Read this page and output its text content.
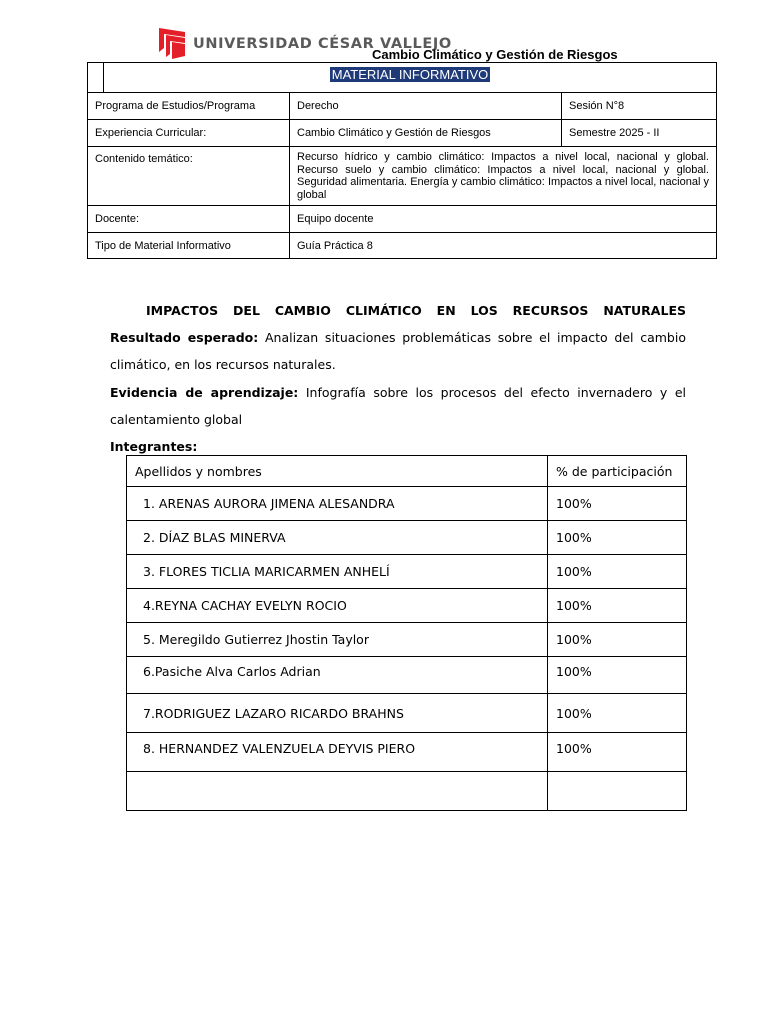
UNIVERSIDAD CÉSAR VALLEJO
Cambio Climático y Gestión de Riesgos
	MATERIAL INFORMATIVO		
Programa de Estudios/Programa		Derecho	Sesión N°8
Experiencia Curricular:		Cambio Climático y Gestión de Riesgos	Semestre 2025 - II
Contenido temático:		Recurso hídrico y cambio climático: Impactos a nivel local, nacional y global. Recurso suelo y cambio climático: Impactos a nivel local, nacional y global. Seguridad alimentaria. Energía y cambio climático: Impactos a nivel local, nacional y global	
Docente:		Equipo docente	
Tipo de Material Informativo		Guía Práctica 8	
IMPACTOS DEL CAMBIO CLIMÁTICO EN LOS RECURSOS NATURALES Resultado esperado: Analizan situaciones problemáticas sobre el impacto del cambio climático, en los recursos naturales.
Evidencia de aprendizaje: Infografía sobre los procesos del efecto invernadero y el calentamiento global
Integrantes:
Apellidos y nombres	% de participación
1. ARENAS AURORA JIMENA ALESANDRA	100%
2. DÍAZ BLAS MINERVA	100%
3. FLORES TICLIA MARICARMEN ANHELÍ	100%
4.REYNA CACHAY EVELYN ROCIO	100%
5. Meregildo Gutierrez Jhostin Taylor	100%
6.Pasiche Alva Carlos Adrian	100%
7.RODRIGUEZ LAZARO RICARDO BRAHNS	100%
8. HERNANDEZ VALENZUELA DEYVIS PIERO	100%
